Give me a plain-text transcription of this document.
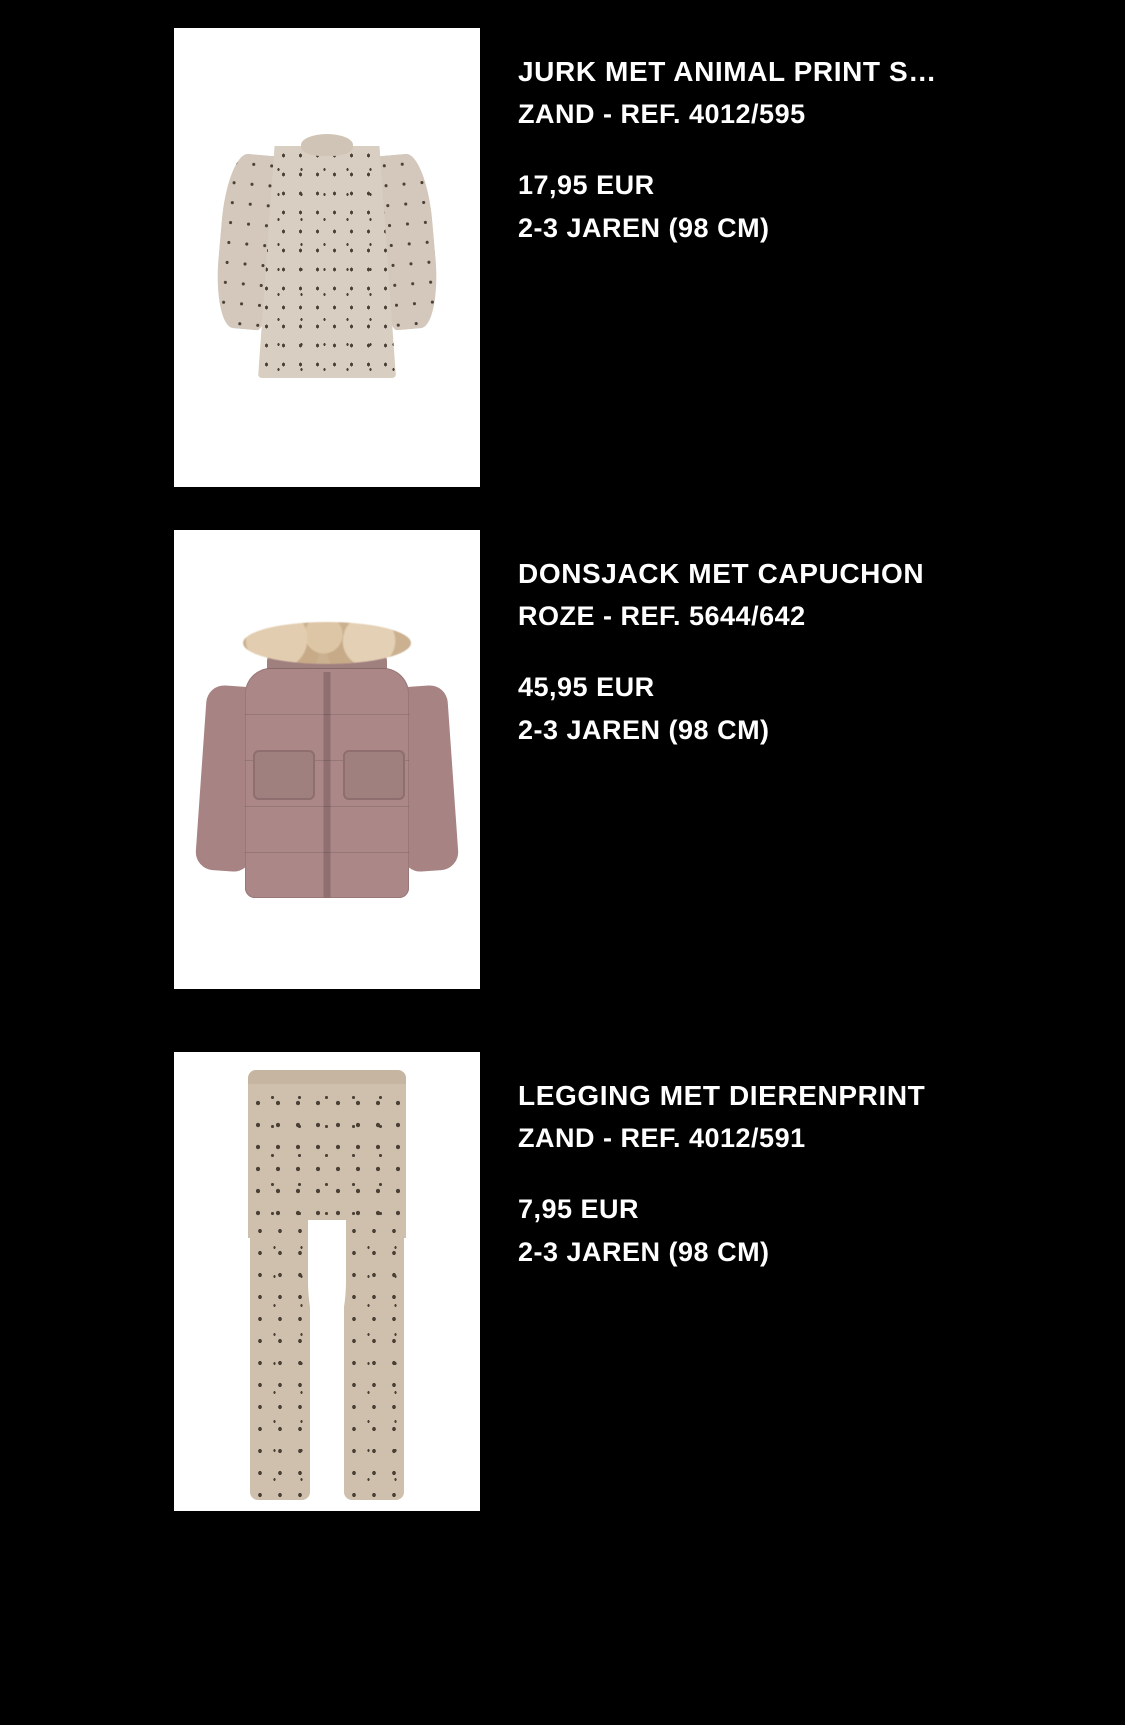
JURK MET ANIMAL PRINT S…
ZAND - REF. 4012/595
17,95 EUR
2-3 JAREN (98 CM)
DONSJACK MET CAPUCHON
ROZE - REF. 5644/642
45,95 EUR
2-3 JAREN (98 CM)
LEGGING MET DIERENPRINT
ZAND - REF. 4012/591
7,95 EUR
2-3 JAREN (98 CM)
